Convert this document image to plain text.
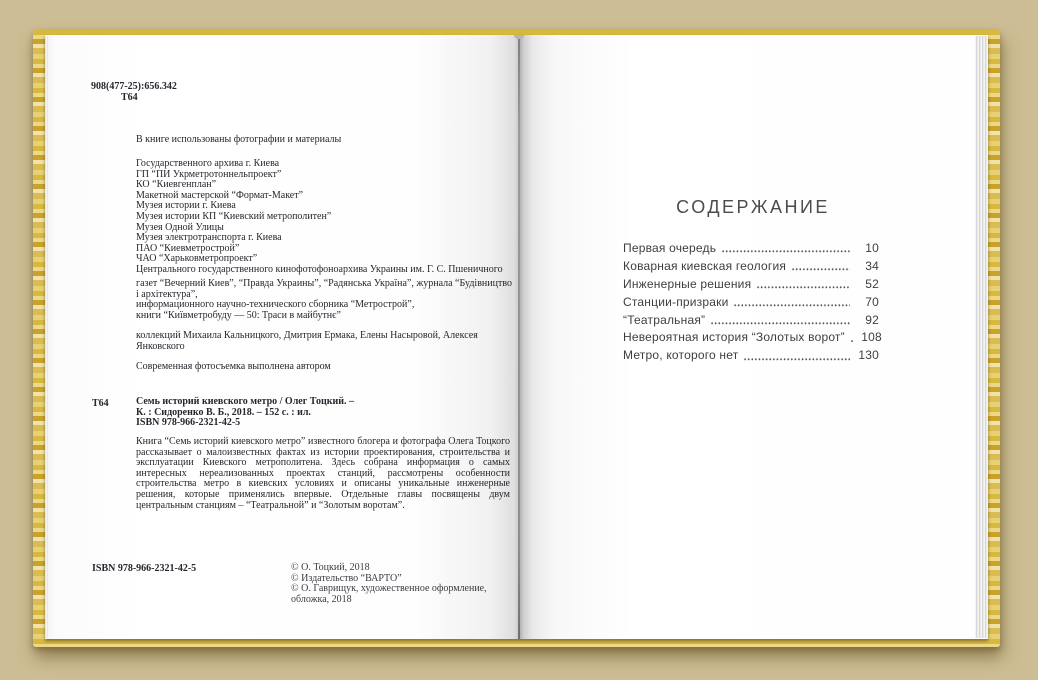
908(477-25):656.342
Т64
В книге использованы фотографии и материалы
Государственного архива г. Киева
ГП “ПИ Укрметротоннельпроект”
КО “Киевгенплан”
Макетной мастерской “Формат-Макет”
Музея истории г. Киева
Музея истории КП “Киевский метрополитен”
Музея Одной Улицы
Музея электротранспорта г. Киева
ПАО “Киевметрострой”
ЧАО “Харьковметропроект”
Центрального государственного кинофотофоноархива Украины им. Г. С. Пшеничного
газет “Вечерний Киев”, “Правда Украины”, “Радянська Україна”, журнала “Будівництво
і архітектура”,
информационного научно-технического сборника “Метрострой”,
книги “Київметробуду — 50: Траси в майбутнє”
коллекций Михаила Кальницкого, Дмитрия Ермака, Елены Насыровой, Алексея
Янковского
Современная фотосъемка выполнена автором
Т64	Семь историй киевского метро / Олег Тоцкий. –
К. : Сидоренко В. Б., 2018. – 152 с. : ил.
ISBN 978-966-2321-42-5
Книга “Семь историй киевского метро” известного блогера и фотографа Олега Тоцкого рассказывает о малоизвестных фактах из истории проектирования, строительства и эксплуатации Киевского метрополитена. Здесь собрана информация о самых интересных нереализованных проектах станций, рассмотрены особенности строительства метро в киевских условиях и описаны уникальные инженерные решения, которые применялись впервые. Отдельные главы посвящены двум центральным станциям – “Театральной” и “Золотым воротам”.
ISBN 978-966-2321-42-5	© О. Тоцкий, 2018
© Издательство “ВАРТО”
© О. Гаврищук, художественное оформление, обложка, 2018
СОДЕРЖАНИЕ
Первая очередь	10
Коварная киевская геология	34
Инженерные решения	52
Станции-призраки	70
“Театральная”	92
Невероятная история “Золотых ворот”	108
Метро, которого нет	130
